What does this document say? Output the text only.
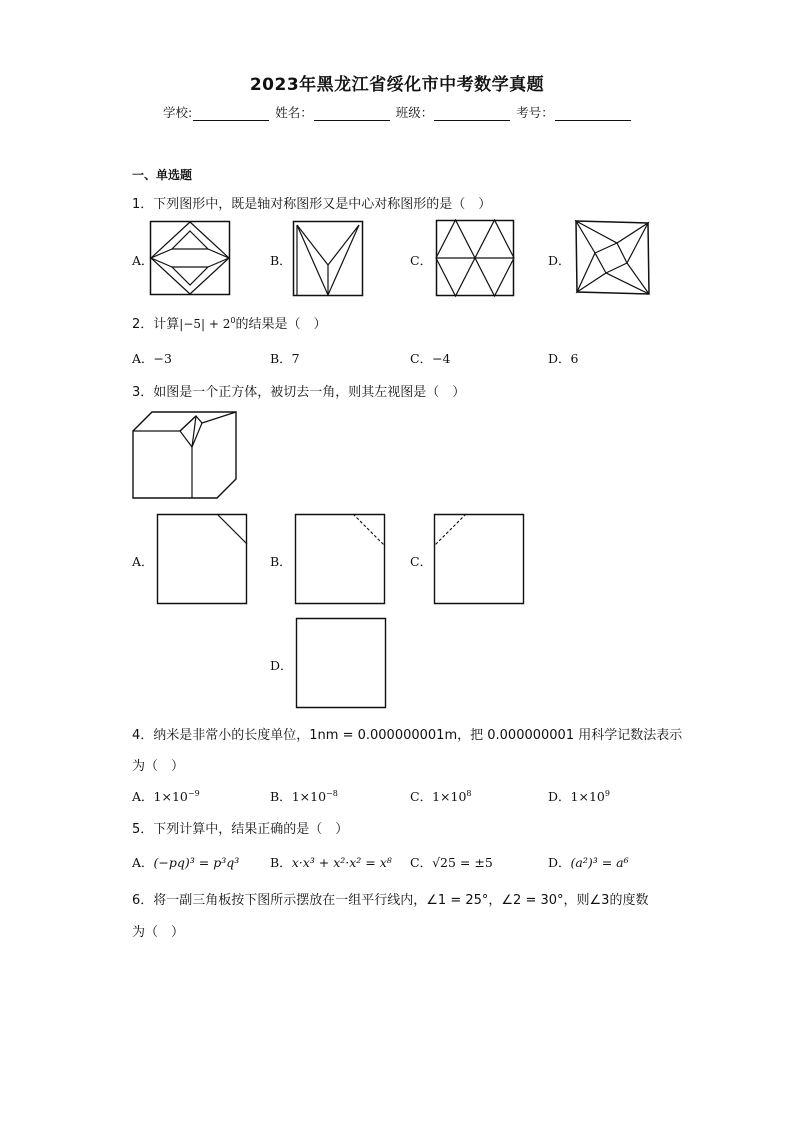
2023年黑龙江省绥化市中考数学真题
学校:	姓名：	班级：	考号：
一、单选题
1．下列图形中，既是轴对称图形又是中心对称图形的是（　）
A．	B．	C．	D．
2．计算$|-5| + 2^0$的结果是（　）
A．−3	B．7	C．−4	D．6
3．如图是一个正方体，被切去一角，则其左视图是（　）
A．	B．	C．
D．
4．纳米是非常小的长度单位，1nm = 0.000000001m，把 0.000000001 用科学记数法表示
为（　）
A．$1\times 10^{-9}$	B．$1\times 10^{-8}$	C．$1\times 10^8$	D．$1\times 10^9$
5．下列计算中，结果正确的是（　）
A．(−pq)³ = p³q³ B．x·x³ + x²·x² = x⁸ C．√25 = ±5	D．(a²)³ = a⁶
6．将一副三角板按下图所示摆放在一组平行线内，∠1 = 25°，∠2 = 30°，则∠3的度数
为（　）
